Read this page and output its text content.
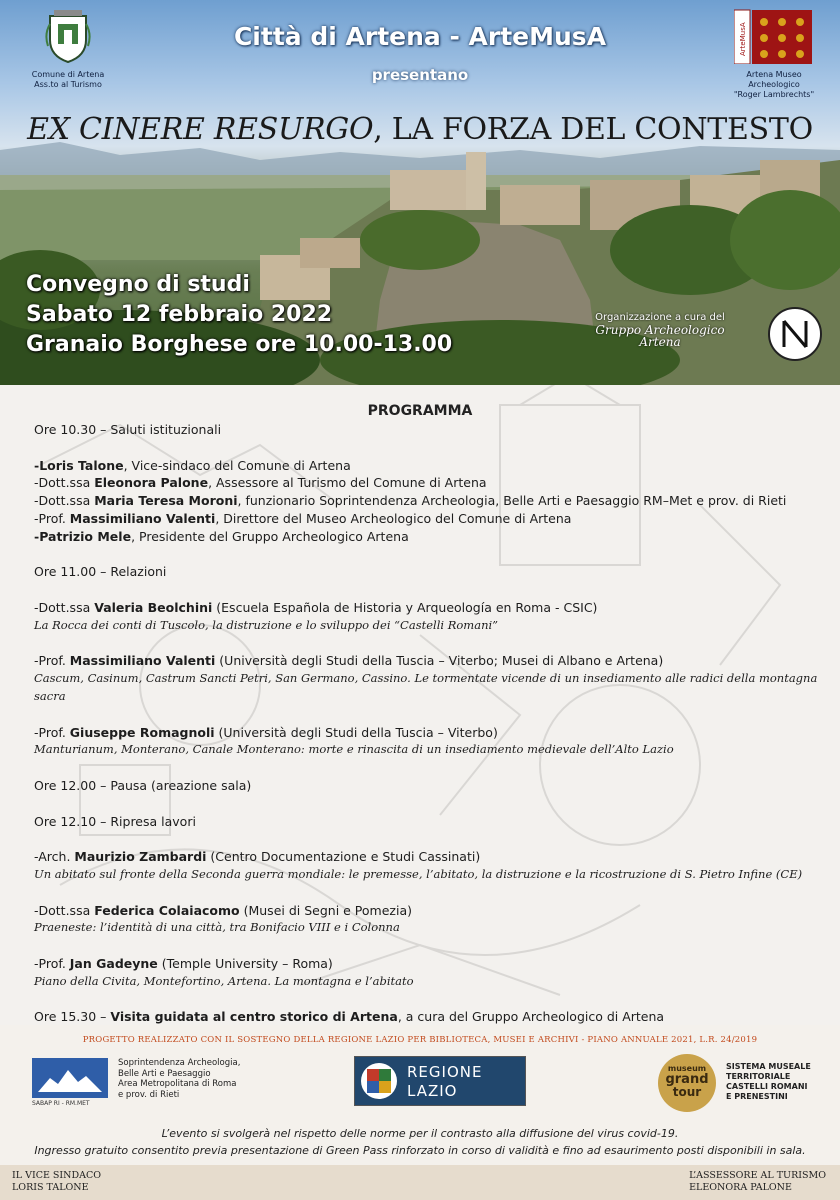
Comune di Artena
Ass.to al Turismo
Città di Artena - ArteMusA
presentano
ArteMusA
Artena Museo
Archeologico
"Roger Lambrechts"
EX CINERE RESURGO, LA FORZA DEL CONTESTO
Convegno di studi
Sabato 12 febbraio 2022
Granaio Borghese ore 10.00-13.00
Organizzazione a cura del
Gruppo Archeologico
Artena
PROGRAMMA
Ore 10.30 – Saluti istituzionali
-Loris Talone, Vice-sindaco del Comune di Artena
-Dott.ssa Eleonora Palone, Assessore al Turismo del Comune di Artena
-Dott.ssa Maria Teresa Moroni, funzionario Soprintendenza Archeologia, Belle Arti e Paesaggio RM–Met e prov. di Rieti
-Prof. Massimiliano Valenti, Direttore del Museo Archeologico del Comune di Artena
-Patrizio Mele, Presidente del Gruppo Archeologico Artena
Ore 11.00 – Relazioni
-Dott.ssa Valeria Beolchini (Escuela Española de Historia y Arqueología en Roma - CSIC)
La Rocca dei conti di Tuscolo, la distruzione e lo sviluppo dei “Castelli Romani”
-Prof. Massimiliano Valenti (Università degli Studi della Tuscia – Viterbo; Musei di Albano e Artena)
Cascum, Casinum, Castrum Sancti Petri, San Germano, Cassino. Le tormentate vicende di un insediamento alle radici della montagna
sacra
-Prof. Giuseppe Romagnoli (Università degli Studi della Tuscia – Viterbo)
Manturianum, Monterano, Canale Monterano: morte e rinascita di un insediamento medievale dell’Alto Lazio
Ore 12.00 – Pausa (areazione sala)
Ore 12.10 – Ripresa lavori
-Arch. Maurizio Zambardi (Centro Documentazione e Studi Cassinati)
Un abitato sul fronte della Seconda guerra mondiale: le premesse, l’abitato, la distruzione e la ricostruzione di S. Pietro Infine (CE)
-Dott.ssa Federica Colaiacomo (Musei di Segni e Pomezia)
Praeneste: l’identità di una città, tra Bonifacio VIII e i Colonna
-Prof. Jan Gadeyne (Temple University – Roma)
Piano della Civita, Montefortino, Artena. La montagna e l’abitato
Ore 15.30 – Visita guidata al centro storico di Artena, a cura del Gruppo Archeologico di Artena
PROGETTO REALIZZATO CON IL SOSTEGNO DELLA REGIONE LAZIO PER BIBLIOTECA, MUSEI E ARCHIVI - PIANO ANNUALE 2021, L.R. 24/2019
SABAP RI - RM.MET
Soprintendenza Archeologia,
Belle Arti e Paesaggio
Area Metropolitana di Roma
e prov. di Rieti
REGIONE
LAZIO
museum
grand
tour
SISTEMA MUSEALE
TERRITORIALE
CASTELLI ROMANI
E PRENESTINI
L’evento si svolgerà nel rispetto delle norme per il contrasto alla diffusione del virus covid-19.
Ingresso gratuito consentito previa presentazione di Green Pass rinforzato in corso di validità e fino ad esaurimento posti disponibili in sala.
IL VICE SINDACO
LORIS TALONE
L’ASSESSORE AL TURISMO
ELEONORA PALONE
